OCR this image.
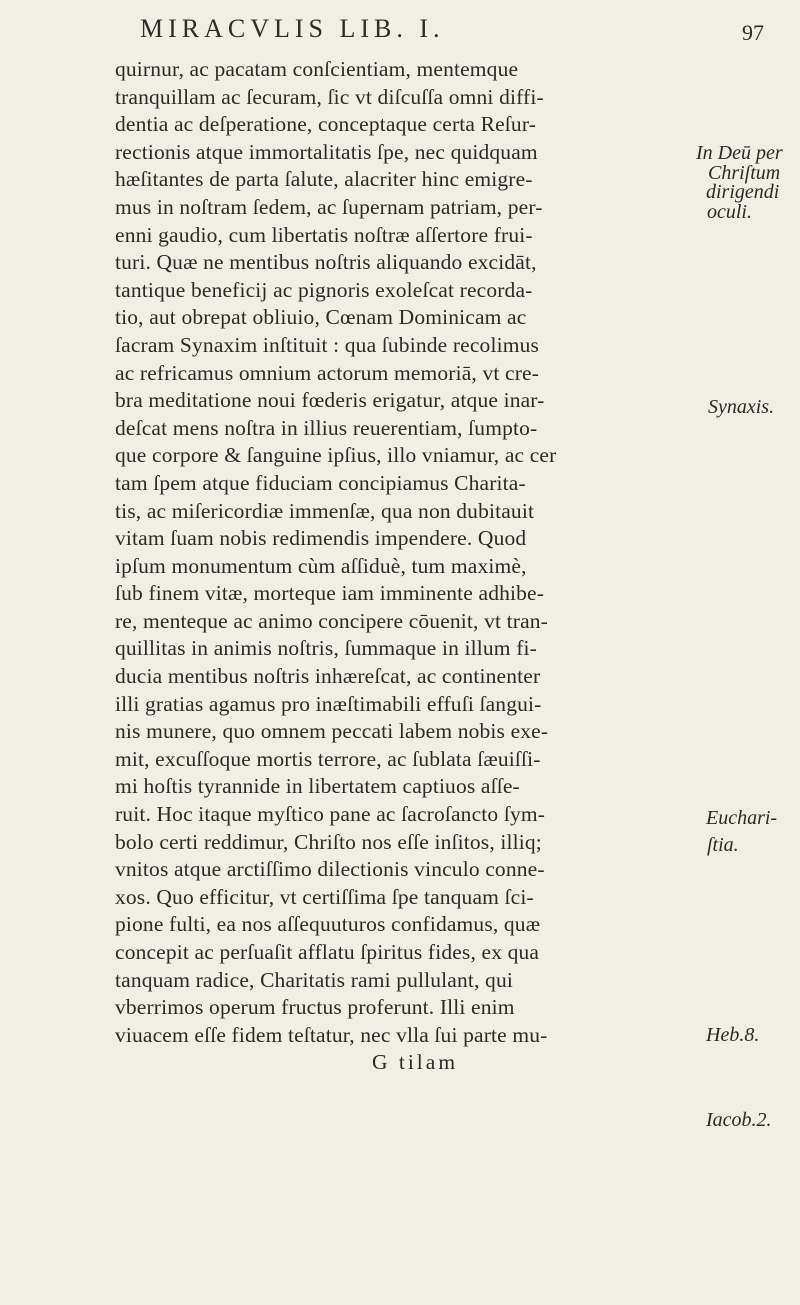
MIRACVLIS LIB. I.	97
quirnur, ac pacatam conſcientiam, mentemque
tranquillam ac ſecuram, ſic vt diſcuſſa omni diffi-
dentia ac deſperatione, conceptaque certa Reſur-
rectionis atque immortalitatis ſpe, nec quidquam
hæſitantes de parta ſalute, alacriter hinc emigre-
mus in noſtram ſedem, ac ſupernam patriam, per-
enni gaudio, cum libertatis noſtræ aſſertore frui-
turi. Quæ ne mentibus noſtris aliquando excidāt,
tantique beneficij ac pignoris exoleſcat recorda-
tio, aut obrepat obliuio, Cœnam Dominicam ac
ſacram Synaxim inſtituit : qua ſubinde recolimus
ac refricamus omnium actorum memoriā, vt cre-
bra meditatione noui fœderis erigatur, atque inar-
deſcat mens noſtra in illius reuerentiam, ſumpto-
que corpore & ſanguine ipſius, illo vniamur, ac cer
tam ſpem atque fiduciam concipiamus Charita-
tis, ac miſericordiæ immenſæ, qua non dubitauit
vitam ſuam nobis redimendis impendere. Quod
ipſum monumentum cùm aſſiduè, tum maximè,
ſub finem vitæ, morteque iam imminente adhibe-
re, menteque ac animo concipere cōuenit, vt tran-
quillitas in animis noſtris, ſummaque in illum fi-
ducia mentibus noſtris inhæreſcat, ac continenter
illi gratias agamus pro inæſtimabili effuſi ſangui-
nis munere, quo omnem peccati labem nobis exe-
mit, excuſſoque mortis terrore, ac ſublata ſæuiſſi-
mi hoſtis tyrannide in libertatem captiuos aſſe-
ruit. Hoc itaque myſtico pane ac ſacroſancto ſym-
bolo certi reddimur, Chriſto nos eſſe inſitos, illiq;
vnitos atque arctiſſimo dilectionis vinculo conne-
xos. Quo efficitur, vt certiſſima ſpe tanquam ſci-
pione fulti, ea nos aſſequuturos confidamus, quæ
concepit ac perſuaſit afflatu ſpiritus fides, ex qua
tanquam radice, Charitatis rami pullulant, qui
vberrimos operum fructus proferunt. Illi enim
viuacem eſſe fidem teſtatur, nec vlla ſui parte mu-
G tilam
In Deū per
Chriſtum
dirigendi
oculi.
Synaxis.
Euchari-
ſtia.
Heb.8.
Iacob.2.
